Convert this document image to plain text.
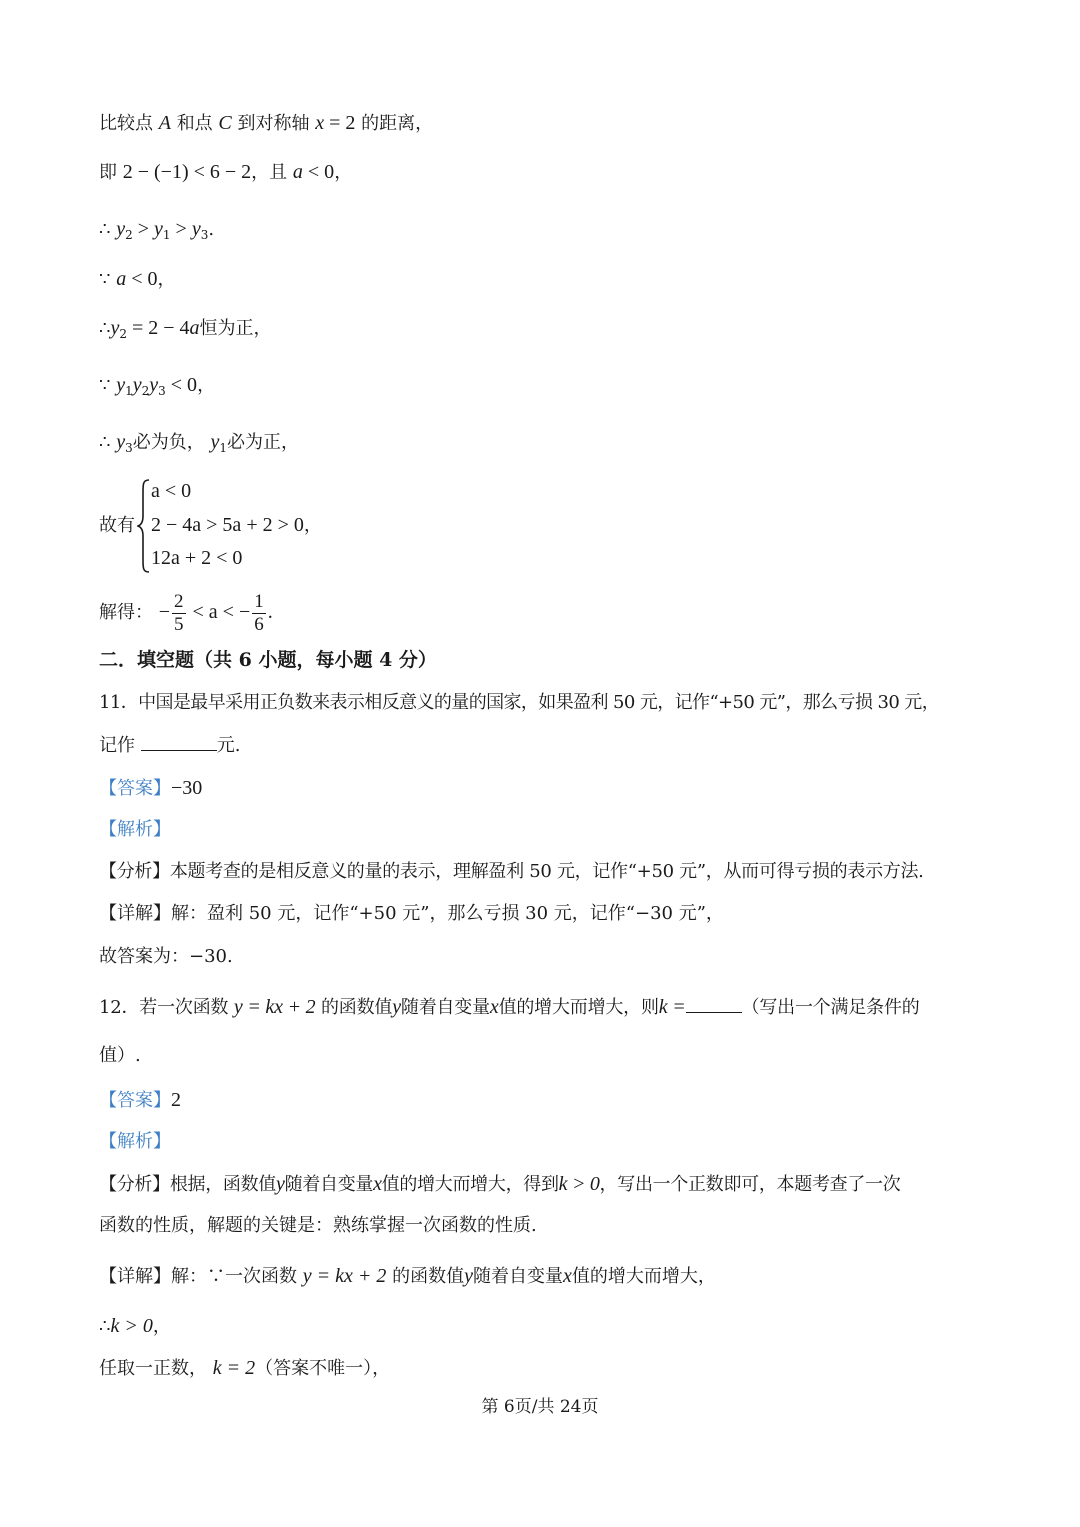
比较点 A 和点 C 到对称轴 x = 2 的距离，
即 2 − (−1) < 6 − 2，且 a < 0，
∴ $y_2 > y_1 > y_3$.
∵ a < 0，
$\therefore y_2 = 2 - 4a$恒为正，
∵ $y_1y_2y_3 < 0$，
∴ $y_3$必为负， $y_1$必为正，
故有
a < 0
2 − 4a > 5a + 2 > 0，
12a + 2 < 0
解得： − $\frac{2}{5} < a$ < − $\frac{1}{6}$ .
二．填空题（共 6 小题，每小题 4 分）
11．中国是最早采用正负数来表示相反意义的量的国家，如果盈利 50 元，记作“+50 元”，那么亏损 30 元，
记作	元.
【答案】−30
【解析】
【分析】本题考查的是相反意义的量的表示，理解盈利 50 元，记作“+50 元”，从而可得亏损的表示方法.
【详解】解：盈利 50 元，记作“+50 元”，那么亏损 30 元，记作“−30 元”，
故答案为：−30.
12．若一次函数 y = kx + 2 的函数值y随着自变量x值的增大而增大，则k =	（写出一个满足条件的
值）.
【答案】2
【解析】
【分析】根据，函数值y随着自变量x值的增大而增大，得到k > 0，写出一个正数即可，本题考查了一次
函数的性质，解题的关键是：熟练掌握一次函数的性质.
【详解】解：∵一次函数 y = kx + 2 的函数值y随着自变量x值的增大而增大，
∴k > 0，
任取一正数， k = 2（答案不唯一），
第 6页/共 24页
